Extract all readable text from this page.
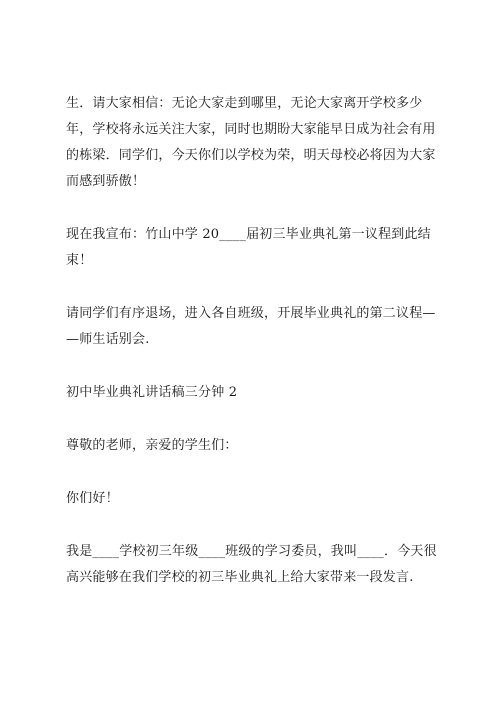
生．请大家相信：无论大家走到哪里，无论大家离开学校多少
年，学校将永远关注大家，同时也期盼大家能早日成为社会有用
的栋梁．同学们，今天你们以学校为荣，明天母校必将因为大家
而感到骄傲！

现在我宣布：竹山中学 20____届初三毕业典礼第一议程到此结
束！

请同学们有序退场，进入各自班级，开展毕业典礼的第二议程—
—师生话别会.

初中毕业典礼讲话稿三分钟 2

尊敬的老师，亲爱的学生们：

你们好！

我是____学校初三年级____班级的学习委员，我叫____．今天很
高兴能够在我们学校的初三毕业典礼上给大家带来一段发言.
